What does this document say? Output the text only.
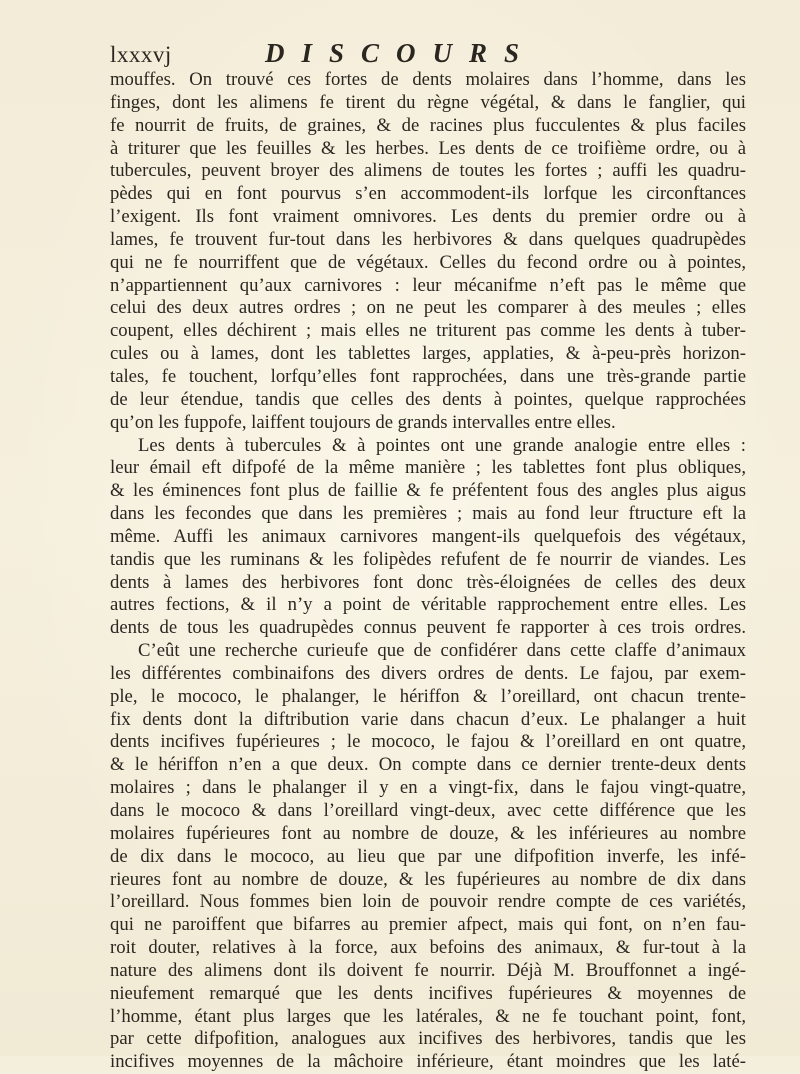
lxxxvj	DISCOURS
mouffes. On trouvé ces fortes de dents molaires dans l’homme, dans les
finges, dont les alimens fe tirent du règne végétal, & dans le fanglier, qui
fe nourrit de fruits, de graines, & de racines plus fucculentes & plus faciles
à triturer que les feuilles & les herbes. Les dents de ce troifième ordre, ou à
tubercules, peuvent broyer des alimens de toutes les fortes ; auffi les quadru-
pèdes qui en font pourvus s’en accommodent-ils lorfque les circonftances
l’exigent. Ils font vraiment omnivores. Les dents du premier ordre ou à
lames, fe trouvent fur-tout dans les herbivores & dans quelques quadrupèdes
qui ne fe nourriffent que de végétaux. Celles du fecond ordre ou à pointes,
n’appartiennent qu’aux carnivores : leur mécanifme n’eft pas le même que
celui des deux autres ordres ; on ne peut les comparer à des meules ; elles
coupent, elles déchirent ; mais elles ne triturent pas comme les dents à tuber-
cules ou à lames, dont les tablettes larges, applaties, & à-peu-près horizon-
tales, fe touchent, lorfqu’elles font rapprochées, dans une très-grande partie
de leur étendue, tandis que celles des dents à pointes, quelque rapprochées
qu’on les fuppofe, laiffent toujours de grands intervalles entre elles.
Les dents à tubercules & à pointes ont une grande analogie entre elles :
leur émail eft difpofé de la même manière ; les tablettes font plus obliques,
& les éminences font plus de faillie & fe préfentent fous des angles plus aigus
dans les fecondes que dans les premières ; mais au fond leur ftructure eft la
même. Auffi les animaux carnivores mangent-ils quelquefois des végétaux,
tandis que les ruminans & les folipèdes refufent de fe nourrir de viandes. Les
dents à lames des herbivores font donc très-éloignées de celles des deux
autres fections, & il n’y a point de véritable rapprochement entre elles. Les
dents de tous les quadrupèdes connus peuvent fe rapporter à ces trois ordres.
C’eût une recherche curieufe que de confidérer dans cette claffe d’animaux
les différentes combinaifons des divers ordres de dents. Le fajou, par exem-
ple, le mococo, le phalanger, le hériffon & l’oreillard, ont chacun trente-
fix dents dont la diftribution varie dans chacun d’eux. Le phalanger a huit
dents incifives fupérieures ; le mococo, le fajou & l’oreillard en ont quatre,
& le hériffon n’en a que deux. On compte dans ce dernier trente-deux dents
molaires ; dans le phalanger il y en a vingt-fix, dans le fajou vingt-quatre,
dans le mococo & dans l’oreillard vingt-deux, avec cette différence que les
molaires fupérieures font au nombre de douze, & les inférieures au nombre
de dix dans le mococo, au lieu que par une difpofition inverfe, les infé-
rieures font au nombre de douze, & les fupérieures au nombre de dix dans
l’oreillard. Nous fommes bien loin de pouvoir rendre compte de ces variétés,
qui ne paroiffent que bifarres au premier afpect, mais qui font, on n’en fau-
roit douter, relatives à la force, aux befoins des animaux, & fur-tout à la
nature des alimens dont ils doivent fe nourrir. Déjà M. Brouffonnet a ingé-
nieufement remarqué que les dents incifives fupérieures & moyennes de
l’homme, étant plus larges que les latérales, & ne fe touchant point, font,
par cette difpofition, analogues aux incifives des herbivores, tandis que les
incifives moyennes de la mâchoire inférieure, étant moindres que les laté-
